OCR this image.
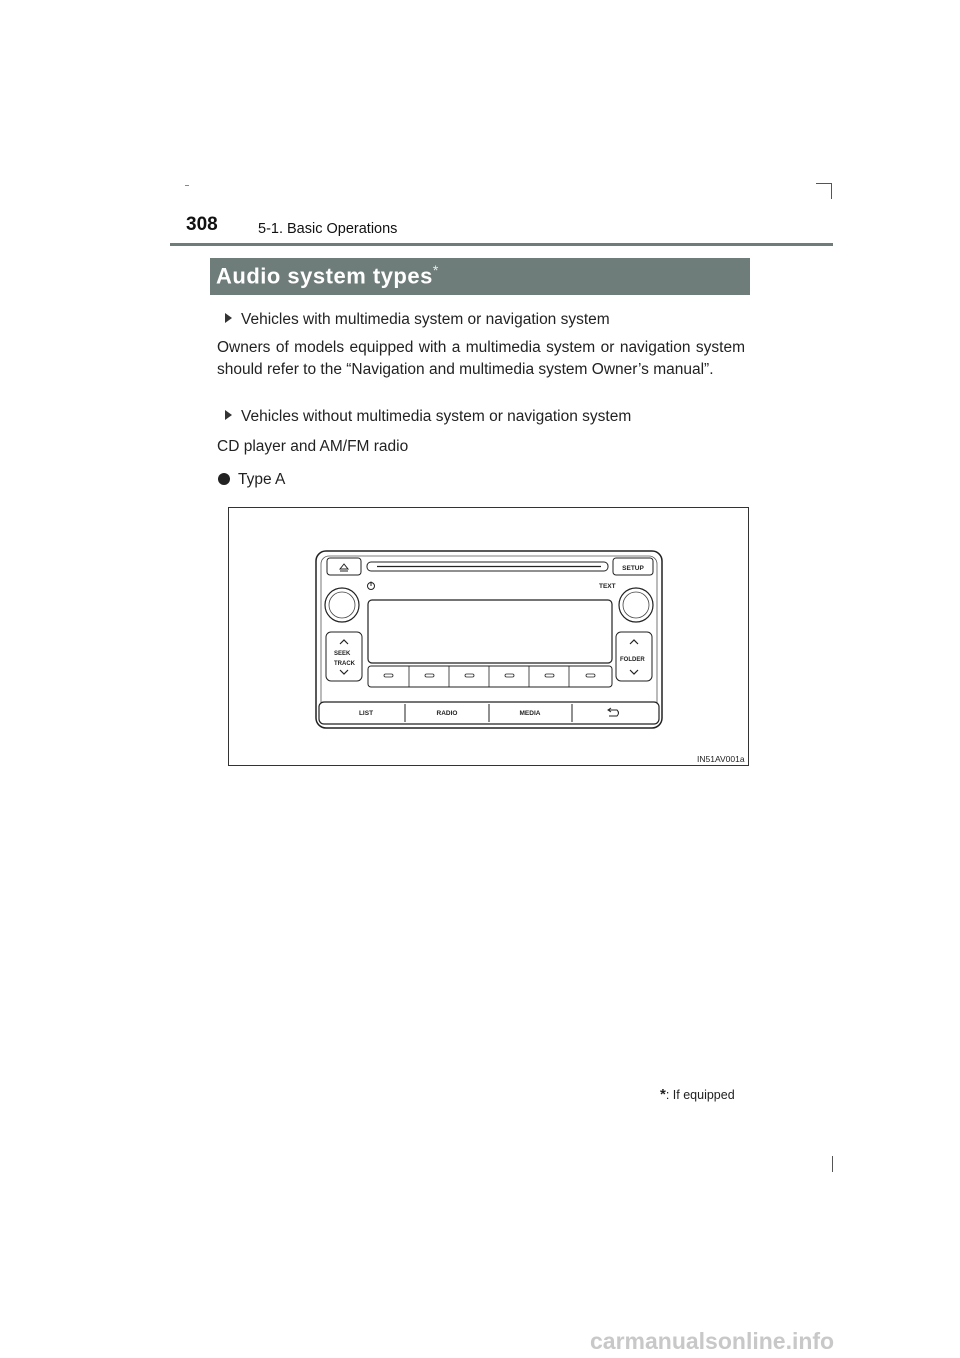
308	5-1. Basic Operations
Audio system types*
Vehicles with multimedia system or navigation system
Owners of models equipped with a multimedia system or navigation system should refer to the “Navigation and multimedia system Owner’s manual”.
Vehicles without multimedia system or navigation system
CD player and AM/FM radio
Type A
SETUP
TEXT
SEEK
TRACK
FOLDER
LIST	RADIO	MEDIA
IN51AV001a
*: If equipped
carmanualsonline.info
